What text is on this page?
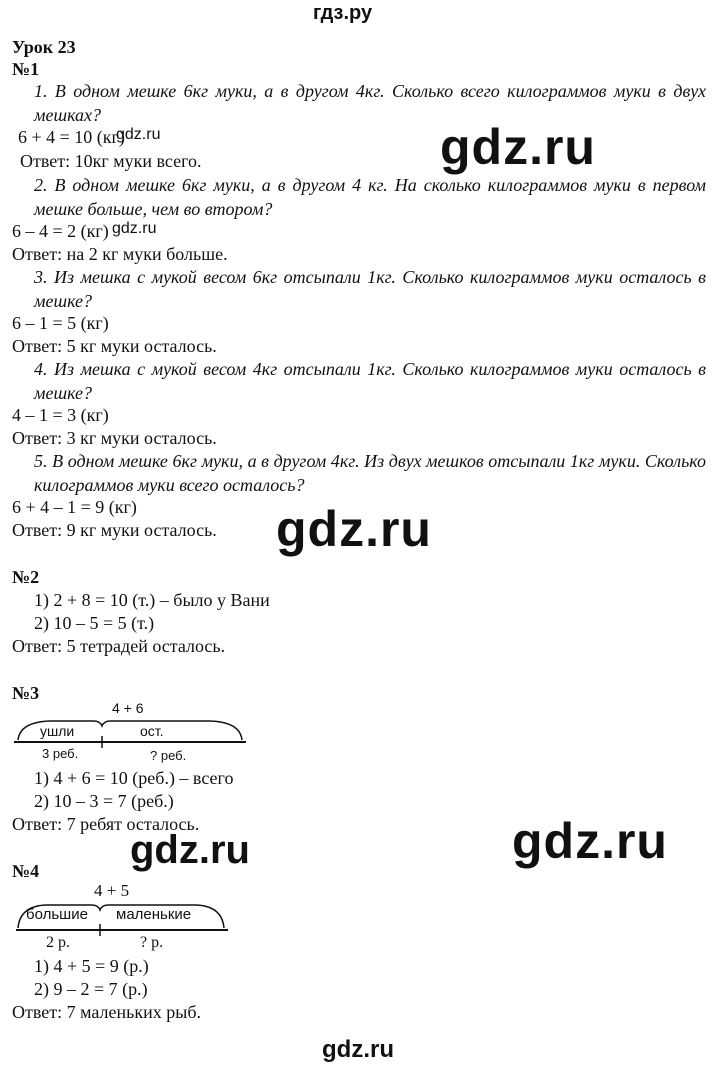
гдз.ру
Урок 23
№1
1. В одном мешке 6кг муки, а в другом 4кг. Сколько всего килограммов муки в двух мешках?
6 + 4 = 10 (кг)
Ответ: 10кг муки всего.
2. В одном мешке 6кг муки, а в другом 4 кг. На сколько килограммов муки в первом мешке больше, чем во втором?
6 – 4 = 2 (кг)
Ответ: на 2 кг муки больше.
3. Из мешка с мукой весом 6кг отсыпали 1кг. Сколько килограммов муки осталось в мешке?
6 – 1 = 5 (кг)
Ответ: 5 кг муки осталось.
4. Из мешка с мукой весом 4кг отсыпали 1кг. Сколько килограммов муки осталось в мешке?
4 – 1 = 3 (кг)
Ответ: 3 кг муки осталось.
5. В одном мешке 6кг муки, а в другом 4кг. Из двух мешков отсыпали 1кг муки. Сколько килограммов муки всего осталось?
6 + 4 – 1 = 9 (кг)
Ответ: 9 кг муки осталось.
№2
1) 2 + 8 = 10 (т.) – было у Вани
2) 10 – 5 = 5 (т.)
Ответ: 5 тетрадей осталось.
№3
4 + 6
ушли	ост.
3 реб.	? реб.
1) 4 + 6 = 10 (реб.) – всего
2) 10 – 3 = 7 (реб.)
Ответ: 7 ребят осталось.
№4
4 + 5
большие маленькие
2 р.	? р.
1) 4 + 5 = 9 (р.)
2) 9 – 2 = 7 (р.)
Ответ: 7 маленьких рыб.
gdz.ru
gdz.ru
gdz.ru
gdz.ru
gdz.ru	gdz.ru
gdz.ru
